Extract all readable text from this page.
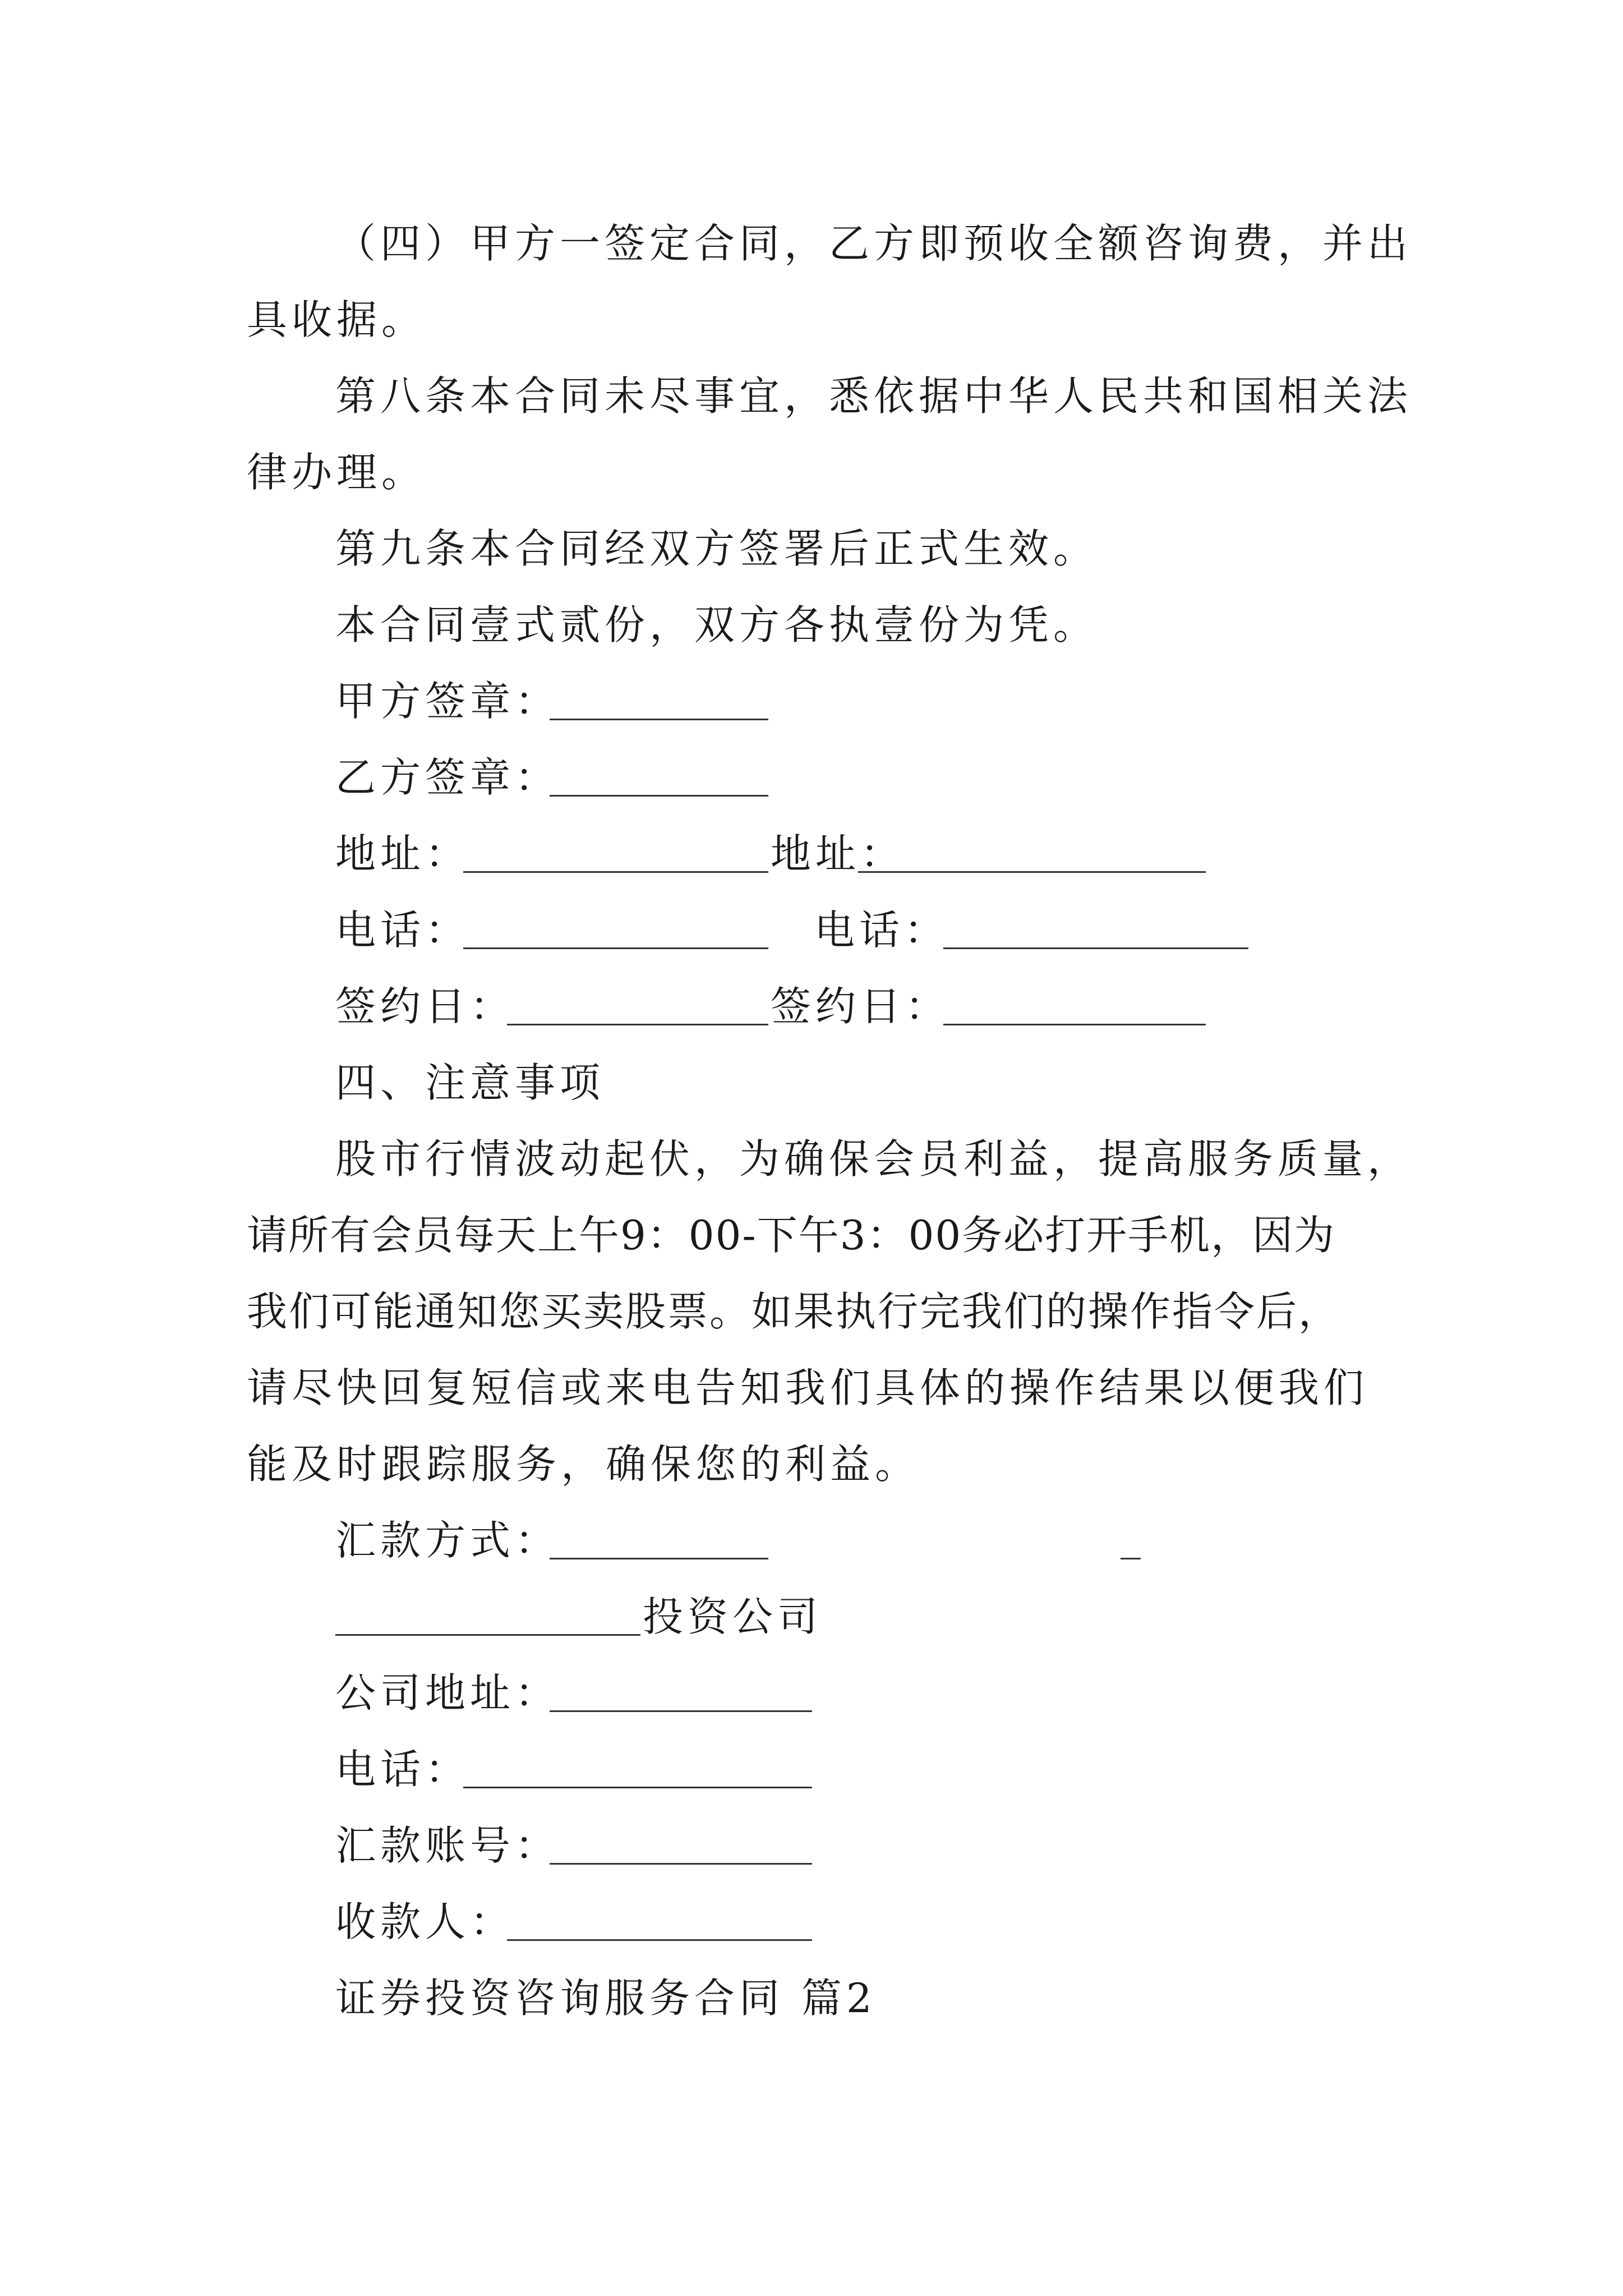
（四）甲方一签定合同，乙方即预收全额咨询费，并出
具收据。
第八条本合同未尽事宜，悉依据中华人民共和国相关法
律办理。
第九条本合同经双方签署后正式生效。
本合同壹式贰份，双方各执壹份为凭。
甲方签章：
乙方签章：
地址：	地址：
电话：	电话：
签约日：	签约日：
四、注意事项
股市行情波动起伏，为确保会员利益，提高服务质量，
请所有会员每天上午9：00-下午3：00务必打开手机，因为
我们可能通知您买卖股票。如果执行完我们的操作指令后，
请尽快回复短信或来电告知我们具体的操作结果以便我们
能及时跟踪服务，确保您的利益。
汇款方式：
投资公司
公司地址：
电话：
汇款账号：
收款人：
证券投资咨询服务合同 篇2
